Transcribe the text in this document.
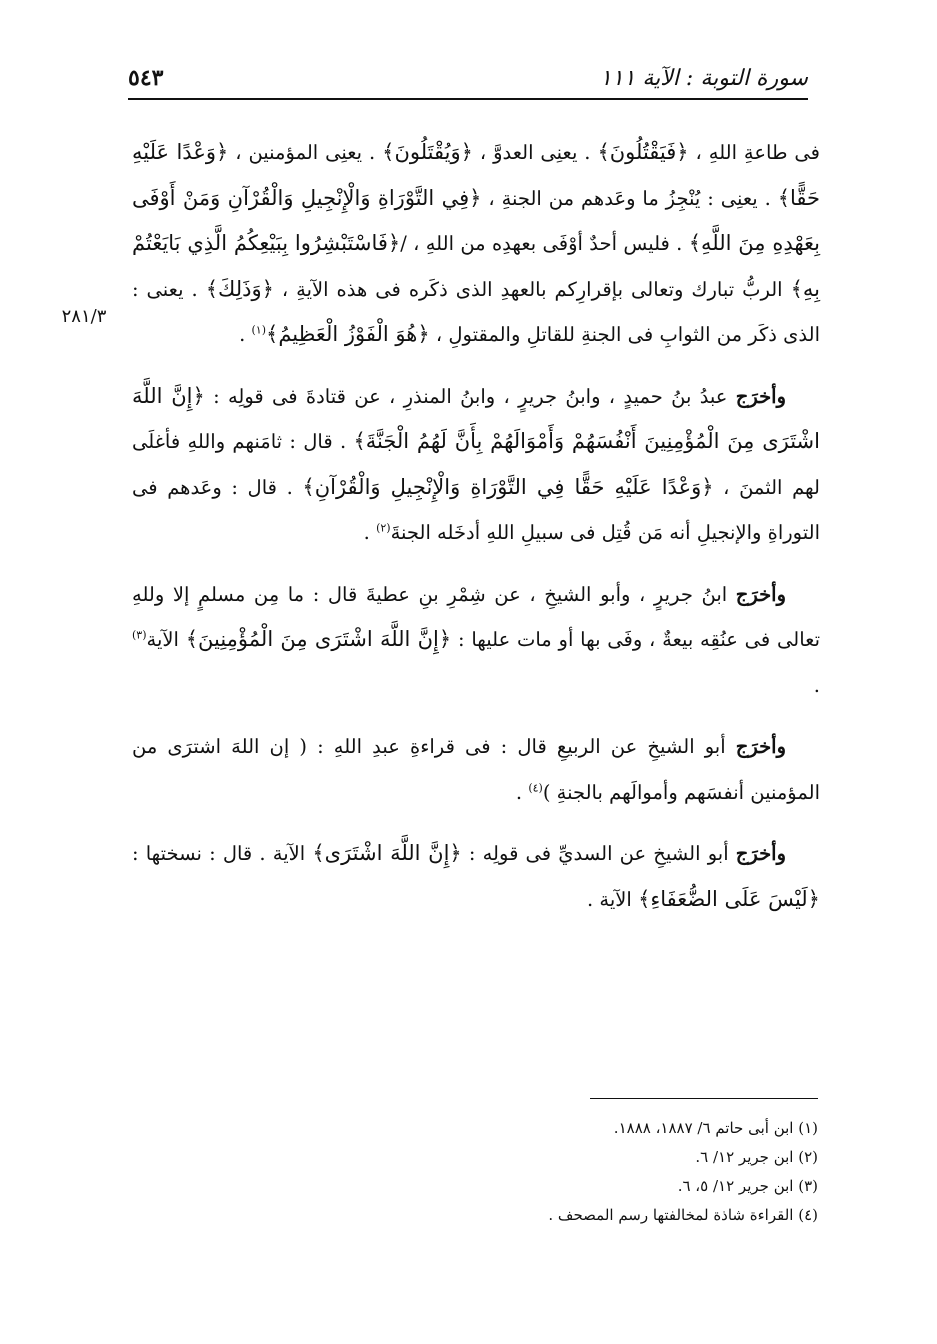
سورة التوبة : الآية ١١١
٥٤٣
٢٨١/٣

فى طاعةِ اللهِ ، ﴿فَيَقْتُلُونَ﴾ . يعنِى العدوَّ ، ﴿وَيُقْتَلُونَ﴾ . يعنِى المؤمنين ، ﴿وَعْدًا عَلَيْهِ حَقًّا﴾ . يعنِى : يُنْجِزُ ما وعَدهم من الجنةِ ، ﴿فِي التَّوْرَاةِ وَالْإِنْجِيلِ وَالْقُرْآنِ وَمَنْ أَوْفَى بِعَهْدِهِ مِنَ اللَّهِ﴾ . فليس أحدٌ أوْفَى بعهدِه من اللهِ ، /﴿فَاسْتَبْشِرُوا بِبَيْعِكُمُ الَّذِي بَايَعْتُمْ بِهِ﴾ الربُّ تبارك وتعالى بإقرارِكم بالعهدِ الذى ذكَره فى هذه الآيةِ ، ﴿وَذَلِكَ﴾ . يعنى : الذى ذكَر من الثوابِ فى الجنةِ للقاتلِ والمقتولِ ، ﴿هُوَ الْفَوْزُ الْعَظِيمُ﴾$^{(١)}$ .

وأخرَج عبدُ بنُ حميدٍ ، وابنُ جريرٍ ، وابنُ المنذرِ ، عن قتادةَ فى قولِه : ﴿إِنَّ اللَّهَ اشْتَرَى مِنَ الْمُؤْمِنِينَ أَنْفُسَهُمْ وَأَمْوَالَهُمْ بِأَنَّ لَهُمُ الْجَنَّةَ﴾ . قال : ثامَنهم واللهِ فأغلَى لهم الثمنَ ، ﴿وَعْدًا عَلَيْهِ حَقًّا فِي التَّوْرَاةِ وَالْإِنْجِيلِ وَالْقُرْآنِ﴾ . قال : وعَدهم فى التوراةِ والإنجيلِ أنه مَن قُتِل فى سبيلِ اللهِ أدخَله الجنةَ$^{(٢)}$ .

وأخرَج ابنُ جريرٍ ، وأبو الشيخِ ، عن شِمْرِ بنِ عطيةَ قال : ما مِن مسلمٍ إلا وللهِ تعالى فى عنُقِه بيعةٌ ، وفَى بها أو مات عليها : ﴿إِنَّ اللَّهَ اشْتَرَى مِنَ الْمُؤْمِنِينَ﴾ الآية$^{(٣)}$ .

وأخرَج أبو الشيخِ عن الربيعِ قال : فى قراءةِ عبدِ اللهِ : ( إن اللهَ اشترَى من المؤمنين أنفسَهم وأموالَهم بالجنةِ )$^{(٤)}$ .

وأخرَج أبو الشيخِ عن السديِّ فى قولِه : ﴿إِنَّ اللَّهَ اشْتَرَى﴾ الآية . قال : نسختها : ﴿لَيْسَ عَلَى الضُّعَفَاءِ﴾ الآية .

(١) ابن أبى حاتم ٦/ ١٨٨٧، ١٨٨٨.
(٢) ابن جرير ١٢/ ٦.
(٣) ابن جرير ١٢/ ٥، ٦.
(٤) القراءة شاذة لمخالفتها رسم المصحف .
